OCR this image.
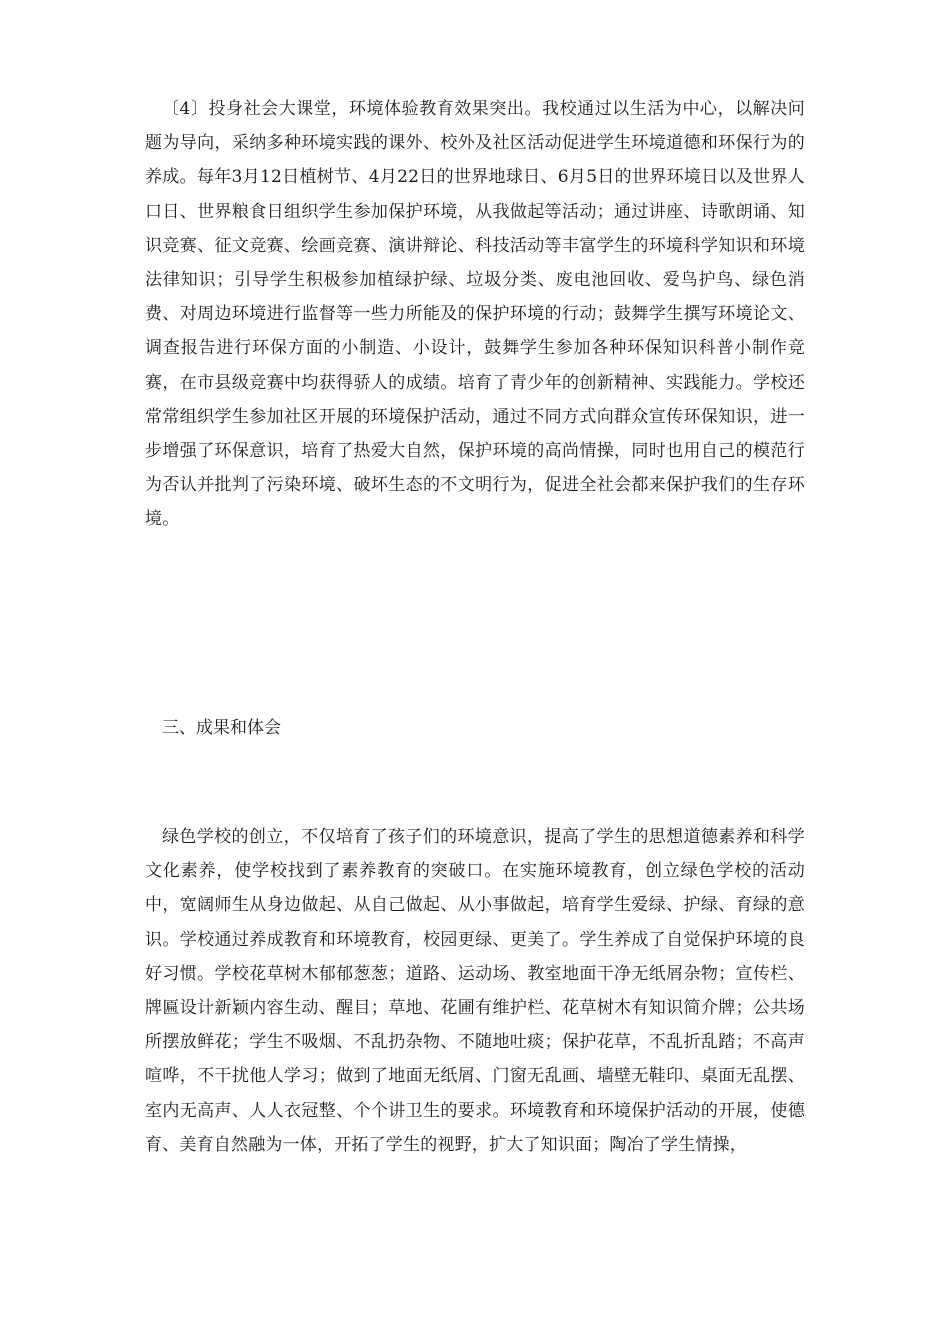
〔4〕投身社会大课堂，环境体验教育效果突出。我校通过以生活为中心，以解决问题为导向，采纳多种环境实践的课外、校外及社区活动促进学生环境道德和环保行为的养成。每年3月12日植树节、4月22日的世界地球日、6月5日的世界环境日以及世界人口日、世界粮食日组织学生参加保护环境，从我做起等活动；通过讲座、诗歌朗诵、知识竞赛、征文竞赛、绘画竞赛、演讲辩论、科技活动等丰富学生的环境科学知识和环境法律知识；引导学生积极参加植绿护绿、垃圾分类、废电池回收、爱鸟护鸟、绿色消费、对周边环境进行监督等一些力所能及的保护环境的行动；鼓舞学生撰写环境论文、调查报告进行环保方面的小制造、小设计，鼓舞学生参加各种环保知识科普小制作竞赛，在市县级竞赛中均获得骄人的成绩。培育了青少年的创新精神、实践能力。学校还常常组织学生参加社区开展的环境保护活动，通过不同方式向群众宣传环保知识，进一步增强了环保意识，培育了热爱大自然，保护环境的高尚情操，同时也用自己的模范行为否认并批判了污染环境、破坏生态的不文明行为，促进全社会都来保护我们的生存环境。

三、成果和体会

绿色学校的创立，不仅培育了孩子们的环境意识，提高了学生的思想道德素养和科学文化素养，使学校找到了素养教育的突破口。在实施环境教育，创立绿色学校的活动中，宽阔师生从身边做起、从自己做起、从小事做起，培育学生爱绿、护绿、育绿的意识。学校通过养成教育和环境教育，校园更绿、更美了。学生养成了自觉保护环境的良好习惯。学校花草树木郁郁葱葱；道路、运动场、教室地面干净无纸屑杂物；宣传栏、牌匾设计新颖内容生动、醒目；草地、花圃有维护栏、花草树木有知识简介牌；公共场所摆放鲜花；学生不吸烟、不乱扔杂物、不随地吐痰；保护花草，不乱折乱踏；不高声喧哗，不干扰他人学习；做到了地面无纸屑、门窗无乱画、墙壁无鞋印、桌面无乱摆、室内无高声、人人衣冠整、个个讲卫生的要求。环境教育和环境保护活动的开展，使德育、美育自然融为一体，开拓了学生的视野，扩大了知识面；陶冶了学生情操，
